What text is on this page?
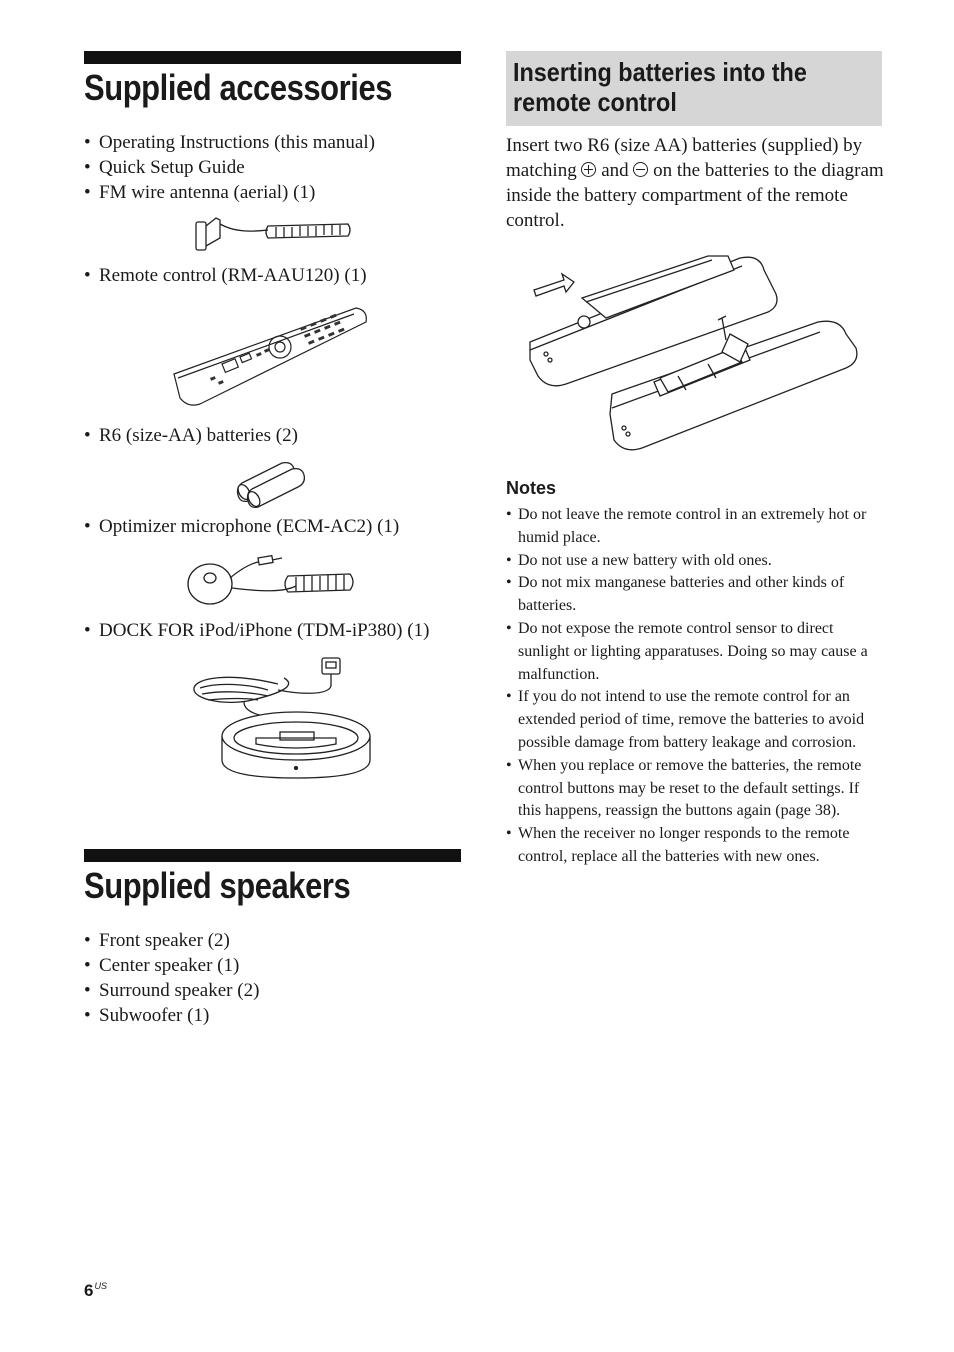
Supplied accessories
• Operating Instructions (this manual)
• Quick Setup Guide
• FM wire antenna (aerial) (1)
• Remote control (RM-AAU120) (1)
• R6 (size-AA) batteries (2)
• Optimizer microphone (ECM-AC2) (1)
• DOCK FOR iPod/iPhone (TDM-iP380) (1)
Supplied speakers
• Front speaker (2)
• Center speaker (1)
• Surround speaker (2)
• Subwoofer (1)
Inserting batteries into the remote control

Insert two R6 (size AA) batteries (supplied) by matching  and  on the batteries to the diagram inside the battery compartment of the remote control.

Notes
• Do not leave the remote control in an extremely hot or humid place.
• Do not use a new battery with old ones.
• Do not mix manganese batteries and other kinds of batteries.
• Do not expose the remote control sensor to direct sunlight or lighting apparatuses. Doing so may cause a malfunction.
• If you do not intend to use the remote control for an extended period of time, remove the batteries to avoid possible damage from battery leakage and corrosion.
• When you replace or remove the batteries, the remote control buttons may be reset to the default settings. If this happens, reassign the buttons again (page 38).
• When the receiver no longer responds to the remote control, replace all the batteries with new ones.
$6^{US}$
